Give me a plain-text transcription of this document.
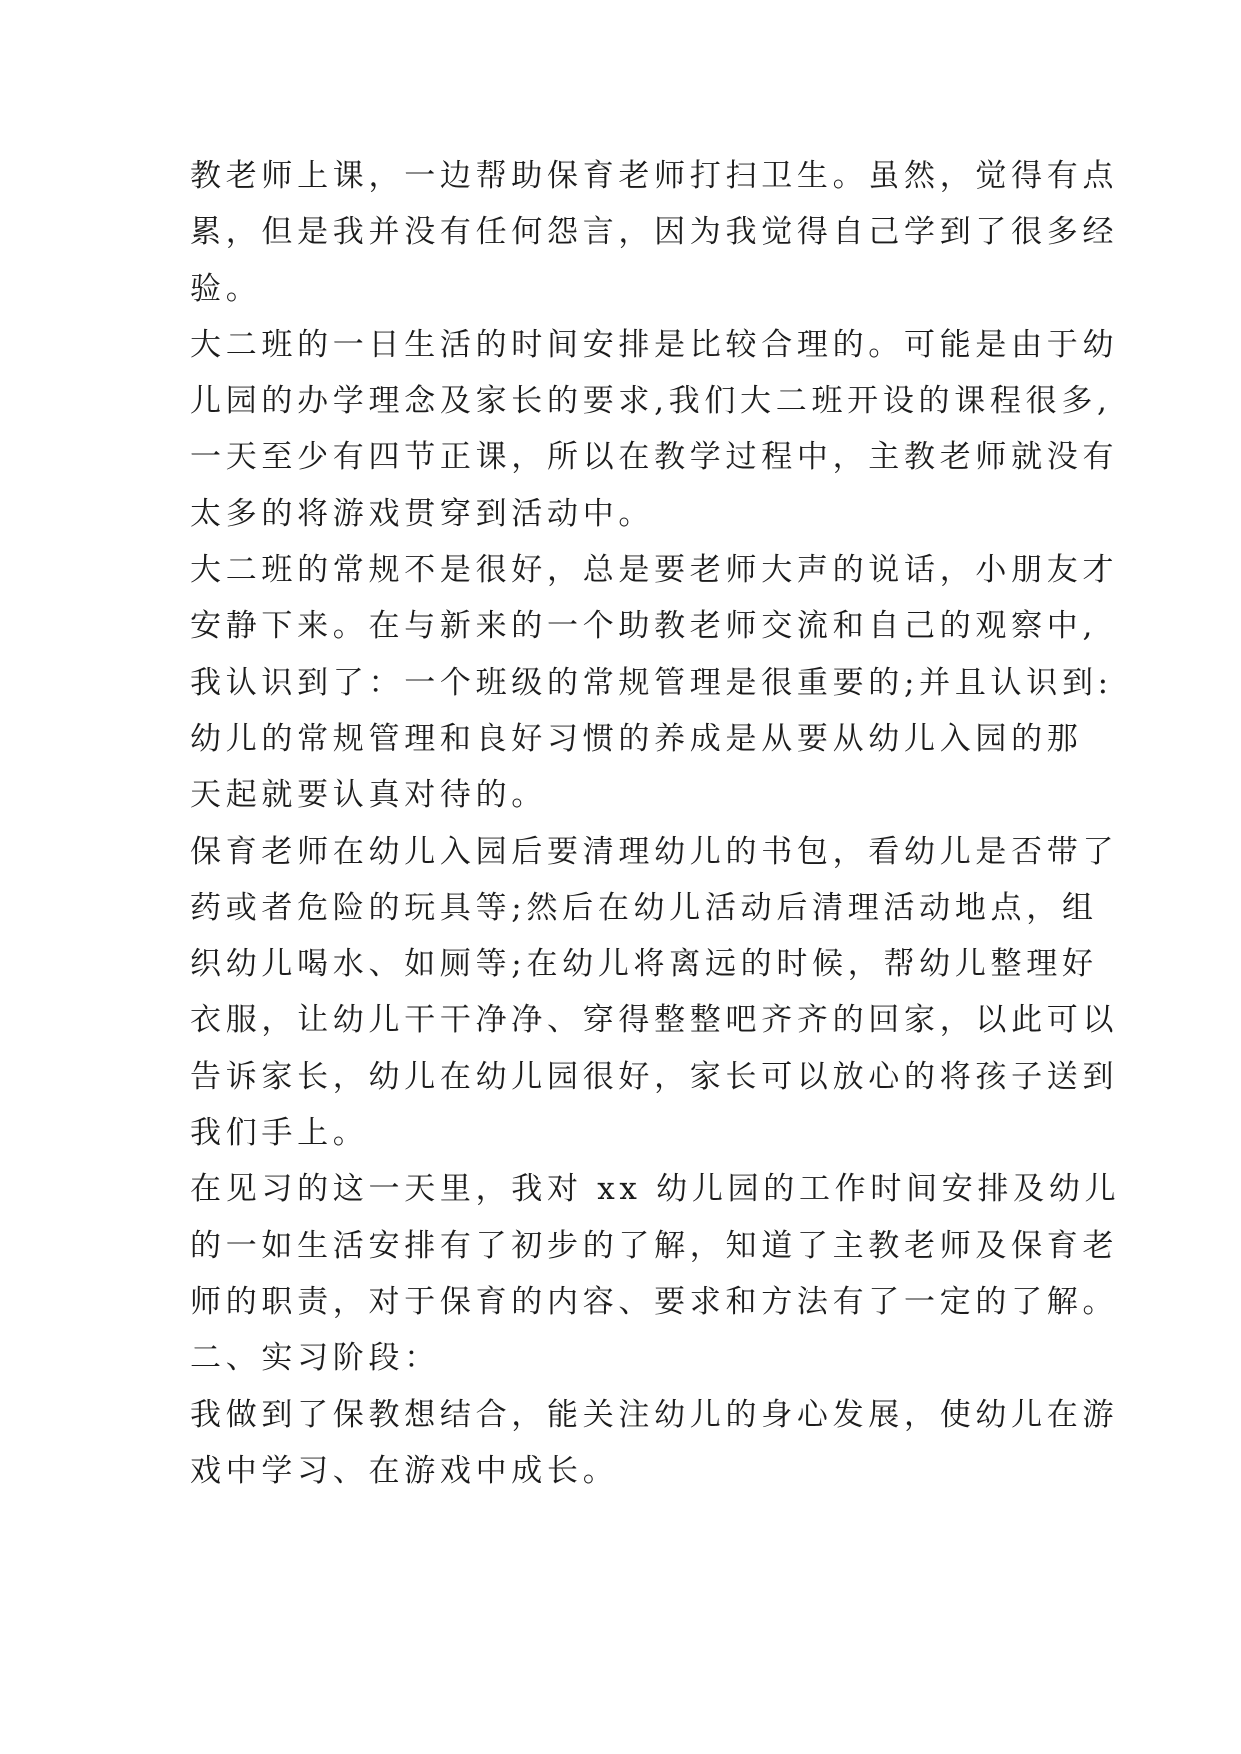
教老师上课，一边帮助保育老师打扫卫生。虽然，觉得有点
累，但是我并没有任何怨言，因为我觉得自己学到了很多经
验。
大二班的一日生活的时间安排是比较合理的。可能是由于幼
儿园的办学理念及家长的要求,我们大二班开设的课程很多,
一天至少有四节正课，所以在教学过程中，主教老师就没有
太多的将游戏贯穿到活动中。
大二班的常规不是很好，总是要老师大声的说话，小朋友才
安静下来。在与新来的一个助教老师交流和自己的观察中,
我认识到了：一个班级的常规管理是很重要的;并且认识到:
幼儿的常规管理和良好习惯的养成是从要从幼儿入园的那
天起就要认真对待的。
保育老师在幼儿入园后要清理幼儿的书包，看幼儿是否带了
药或者危险的玩具等;然后在幼儿活动后清理活动地点，组
织幼儿喝水、如厕等;在幼儿将离远的时候，帮幼儿整理好
衣服，让幼儿干干净净、穿得整整吧齐齐的回家，以此可以
告诉家长，幼儿在幼儿园很好，家长可以放心的将孩子送到
我们手上。
在见习的这一天里，我对 xx 幼儿园的工作时间安排及幼儿
的一如生活安排有了初步的了解，知道了主教老师及保育老
师的职责，对于保育的内容、要求和方法有了一定的了解。
二、实习阶段：
我做到了保教想结合，能关注幼儿的身心发展，使幼儿在游
戏中学习、在游戏中成长。
